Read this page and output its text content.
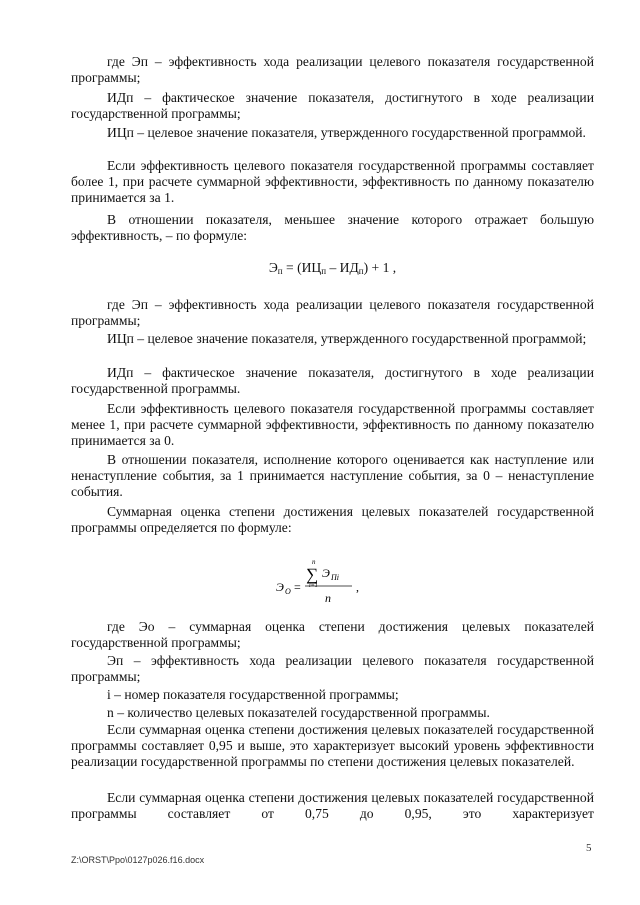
где Эп – эффективность хода реализации целевого показателя государственной программы;

ИДп – фактическое значение показателя, достигнутого в ходе реализации государственной программы;

ИЦп – целевое значение показателя, утвержденного государственной программой.

Если эффективность целевого показателя государственной программы составляет более 1, при расчете суммарной эффективности, эффективность по данному показателю принимается за 1.

В отношении показателя, меньшее значение которого отражает большую эффективность, – по формуле:

$Э_п = (ИЦ_п - ИД_п) + 1$ ,

где Эп – эффективность хода реализации целевого показателя государственной программы;

ИЦп – целевое значение показателя, утвержденного государственной программой;

ИДп – фактическое значение показателя, достигнутого в ходе реализации государственной программы.

Если эффективность целевого показателя государственной программы составляет менее 1, при расчете суммарной эффективности, эффективность по данному показателю принимается за 0.

В отношении показателя, исполнение которого оценивается как наступление или ненаступление события, за 1 принимается наступление события, за 0 – ненаступление события.

Суммарная оценка степени достижения целевых показателей государственной программы определяется по формуле:

Э О =
n
∑
i=1
Э Пi
n
,

где Эо – суммарная оценка степени достижения целевых показателей государственной программы;

Эп – эффективность хода реализации целевого показателя государственной программы;

i – номер показателя государственной программы;

n – количество целевых показателей государственной программы.

Если суммарная оценка степени достижения целевых показателей государственной программы составляет 0,95 и выше, это характеризует высокий уровень эффективности реализации государственной программы по степени достижения целевых показателей.

Если суммарная оценка степени достижения целевых показателей государственной программы составляет от 0,75 до 0,95, это характеризует

5
Z:\ORST\Ppo\0127p026.f16.docx
